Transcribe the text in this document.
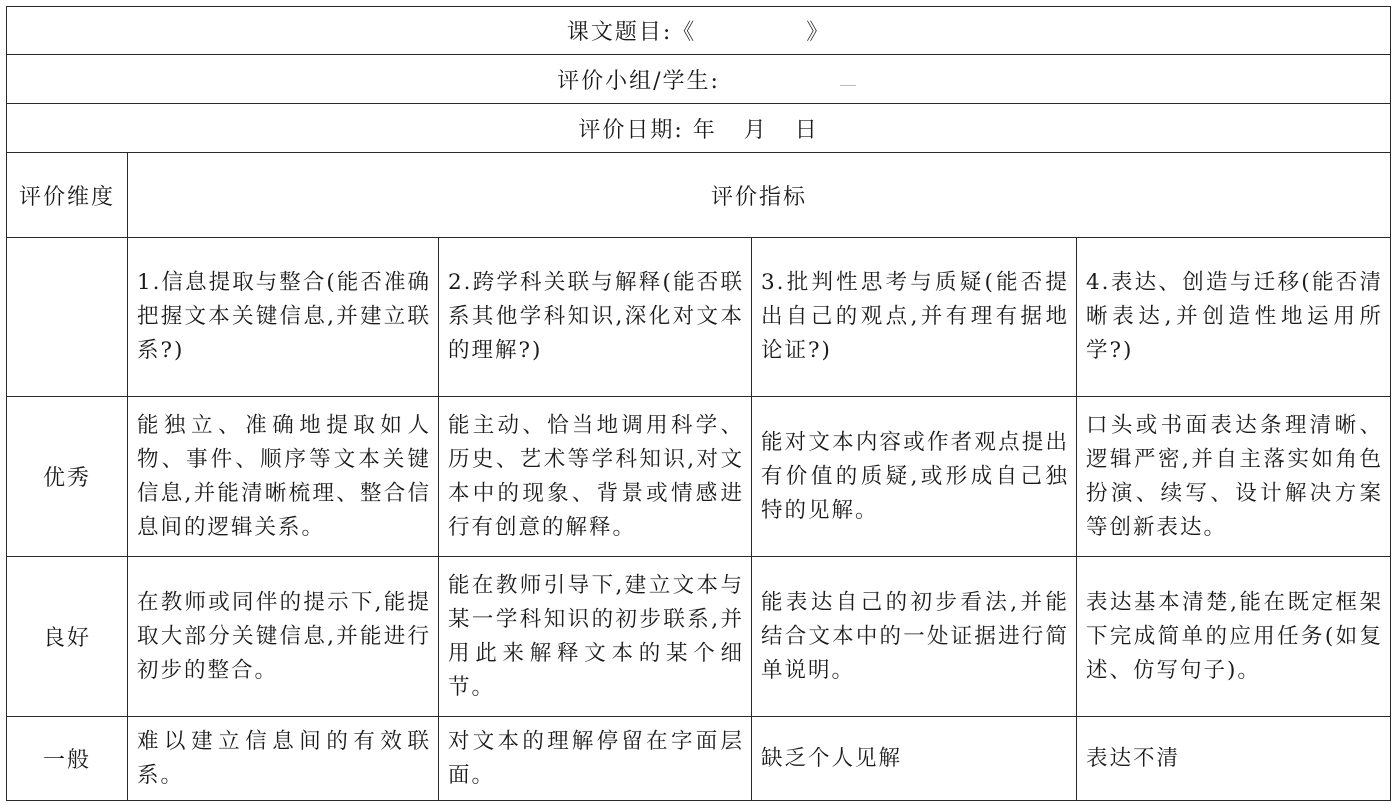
课文题目:《 》				
评价小组/学生:				

评价日期: 年 月 日				
评价维度	评价指标			
	1.信息提取与整合(能否准确把握文本关键信息,并建立联系?)	2.跨学科关联与解释(能否联系其他学科知识,深化对文本的理解?)	3.批判性思考与质疑(能否提出自己的观点,并有理有据地论证?)	4.表达、创造与迁移(能否清晰表达,并创造性地运用所学?)
优秀	能独立、准确地提取如人物、事件、顺序等文本关键信息,并能清晰梳理、整合信息间的逻辑关系。	能主动、恰当地调用科学、历史、艺术等学科知识,对文本中的现象、背景或情感进行有创意的解释。	能对文本内容或作者观点提出有价值的质疑,或形成自己独特的见解。	口头或书面表达条理清晰、逻辑严密,并自主落实如角色扮演、续写、设计解决方案等创新表达。
良好	在教师或同伴的提示下,能提取大部分关键信息,并能进行初步的整合。	能在教师引导下,建立文本与某一学科知识的初步联系,并用此来解释文本的某个细节。	能表达自己的初步看法,并能结合文本中的一处证据进行简单说明。	表达基本清楚,能在既定框架下完成简单的应用任务(如复述、仿写句子)。
一般	难以建立信息间的有效联系。	对文本的理解停留在字面层面。	缺乏个人见解	表达不清
